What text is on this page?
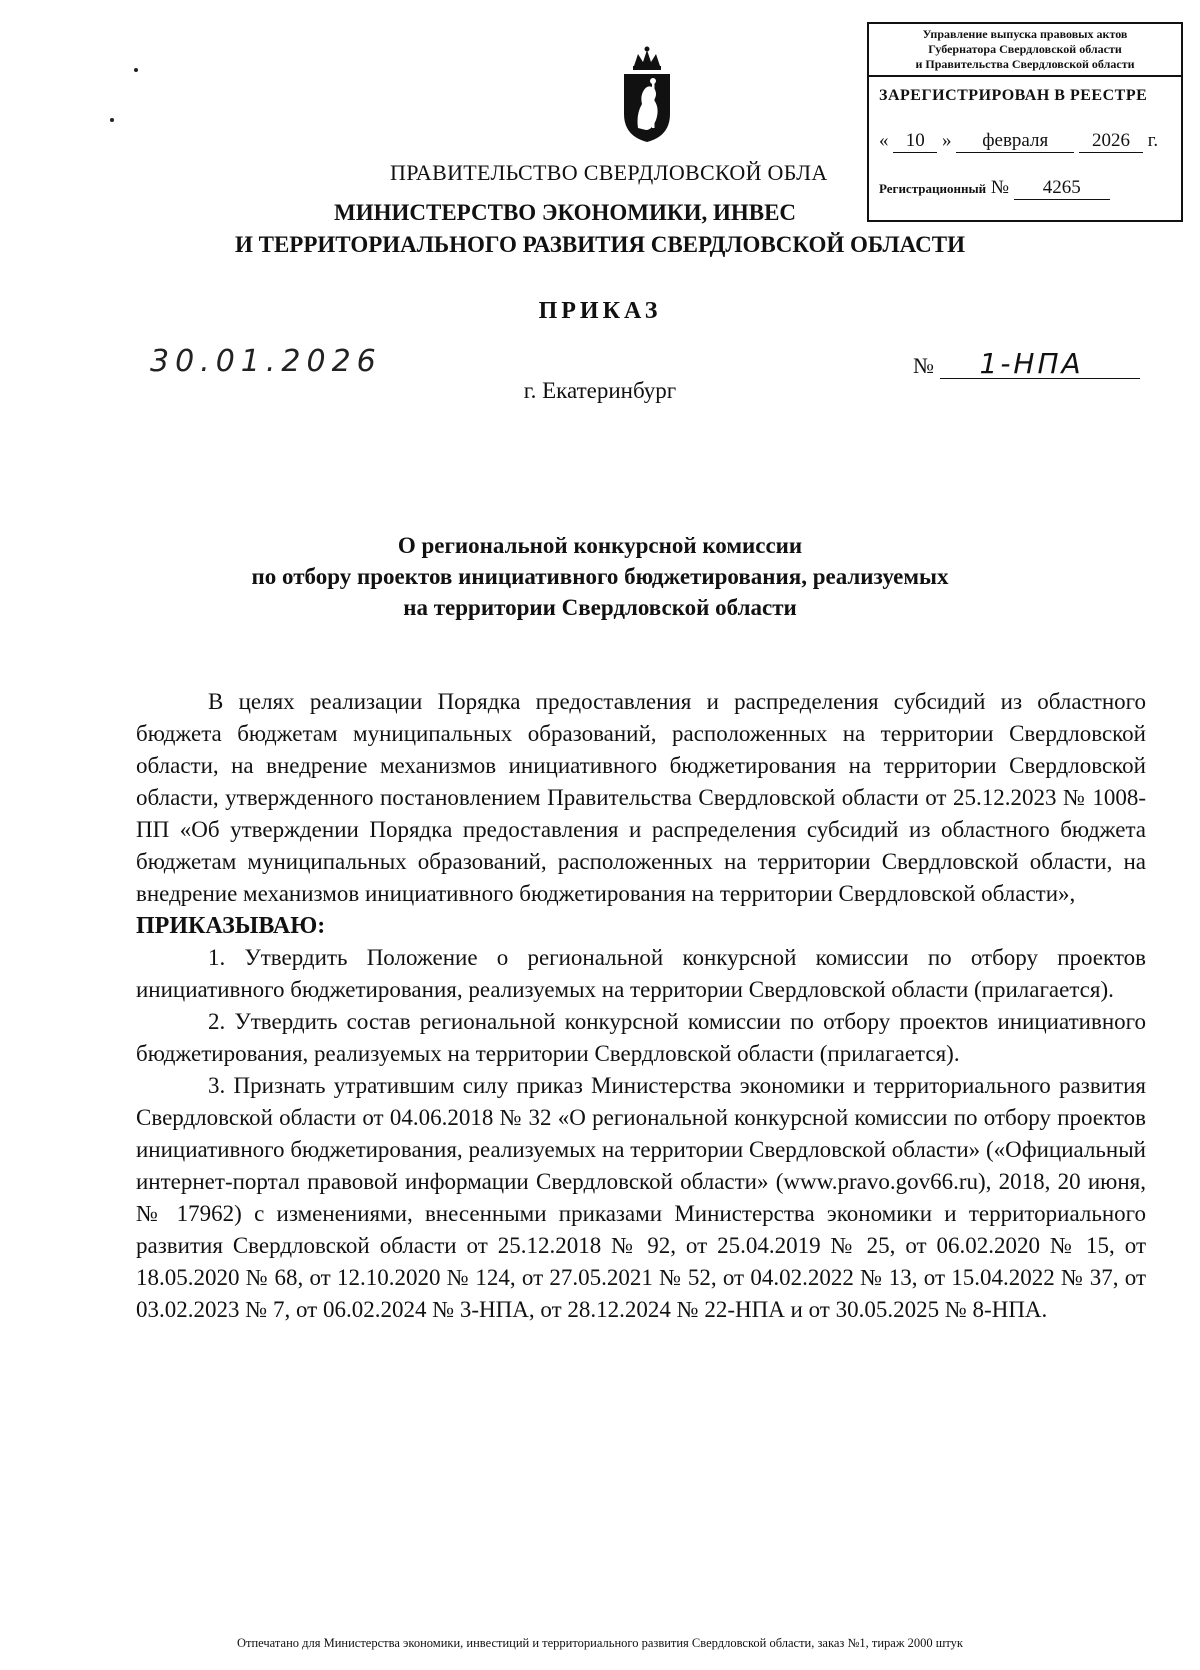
Управление выпуска правовых актов
Губернатора Свердловской области
и Правительства Свердловской области
ЗАРЕГИСТРИРОВАН В РЕЕСТРЕ
« 10 » февраля 2026 г.
Регистрационный № 4265
ПРАВИТЕЛЬСТВО СВЕРДЛОВСКОЙ ОБЛА
МИНИСТЕРСТВО ЭКОНОМИКИ, ИНВЕС
И ТЕРРИТОРИАЛЬНОГО РАЗВИТИЯ СВЕРДЛОВСКОЙ ОБЛАСТИ
ПРИКАЗ
30.01.2026	№ 1-НПА
г. Екатеринбург
О региональной конкурсной комиссии
по отбору проектов инициативного бюджетирования, реализуемых
на территории Свердловской области

В целях реализации Порядка предоставления и распределения субсидий из областного бюджета бюджетам муниципальных образований, расположенных на территории Свердловской области, на внедрение механизмов инициативного бюджетирования на территории Свердловской области, утвержденного постановлением Правительства Свердловской области от 25.12.2023 № 1008-ПП «Об утверждении Порядка предоставления и распределения субсидий из областного бюджета бюджетам муниципальных образований, расположенных на территории Свердловской области, на внедрение механизмов инициативного бюджетирования на территории Свердловской области»,

ПРИКАЗЫВАЮ:

1. Утвердить Положение о региональной конкурсной комиссии по отбору проектов инициативного бюджетирования, реализуемых на территории Свердловской области (прилагается).

2. Утвердить состав региональной конкурсной комиссии по отбору проектов инициативного бюджетирования, реализуемых на территории Свердловской области (прилагается).

3. Признать утратившим силу приказ Министерства экономики и территориального развития Свердловской области от 04.06.2018 № 32 «О региональной конкурсной комиссии по отбору проектов инициативного бюджетирования, реализуемых на территории Свердловской области» («Официальный интернет-портал правовой информации Свердловской области» (www.pravo.gov66.ru), 2018, 20 июня, № 17962) с изменениями, внесенными приказами Министерства экономики и территориального развития Свердловской области от 25.12.2018 № 92, от 25.04.2019 № 25, от 06.02.2020 № 15, от 18.05.2020 № 68, от 12.10.2020 № 124, от 27.05.2021 № 52, от 04.02.2022 № 13, от 15.04.2022 № 37, от 03.02.2023 № 7, от 06.02.2024 № 3-НПА, от 28.12.2024 № 22-НПА и от 30.05.2025 № 8-НПА.

Отпечатано для Министерства экономики, инвестиций и территориального развития Свердловской области, заказ №1, тираж 2000 штук
